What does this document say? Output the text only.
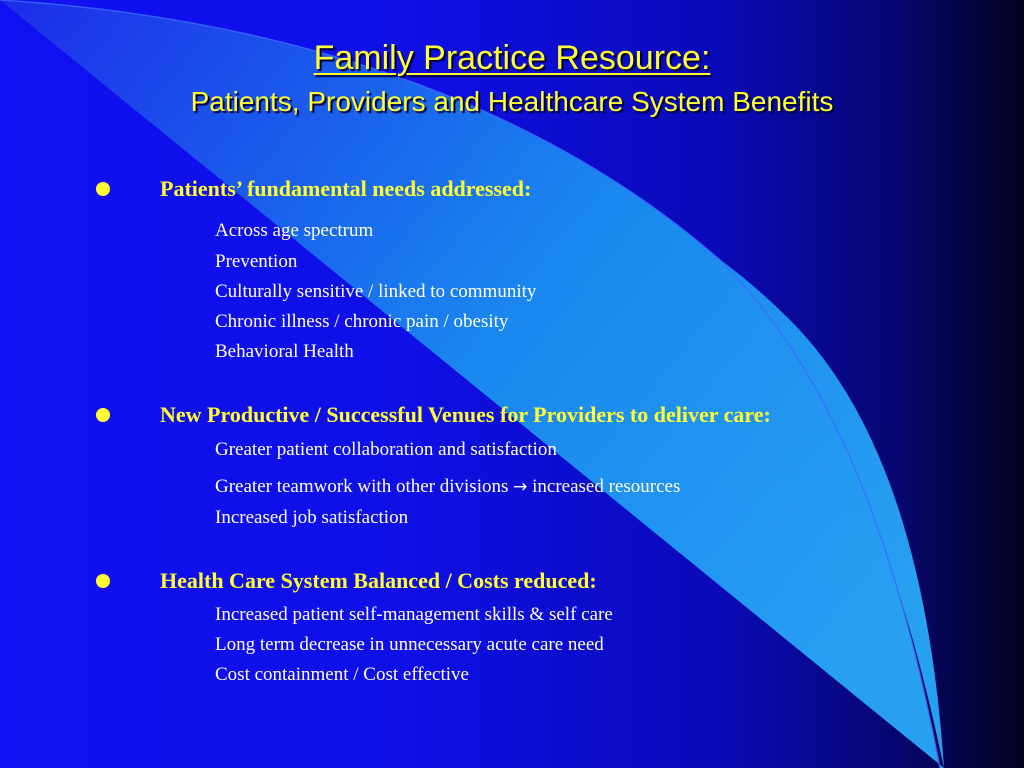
Family Practice Resource:
Patients, Providers and Healthcare System Benefits
Patients’ fundamental needs addressed:
Across age spectrum
Prevention
Culturally sensitive / linked to community
Chronic illness / chronic pain / obesity
Behavioral Health
New Productive / Successful Venues for Providers to deliver care:
Greater patient collaboration and satisfaction
Greater teamwork with other divisions → increased resources
Increased job satisfaction
Health Care System Balanced / Costs reduced:
Increased patient self-management skills & self care
Long term decrease in unnecessary acute care need
Cost containment / Cost effective
